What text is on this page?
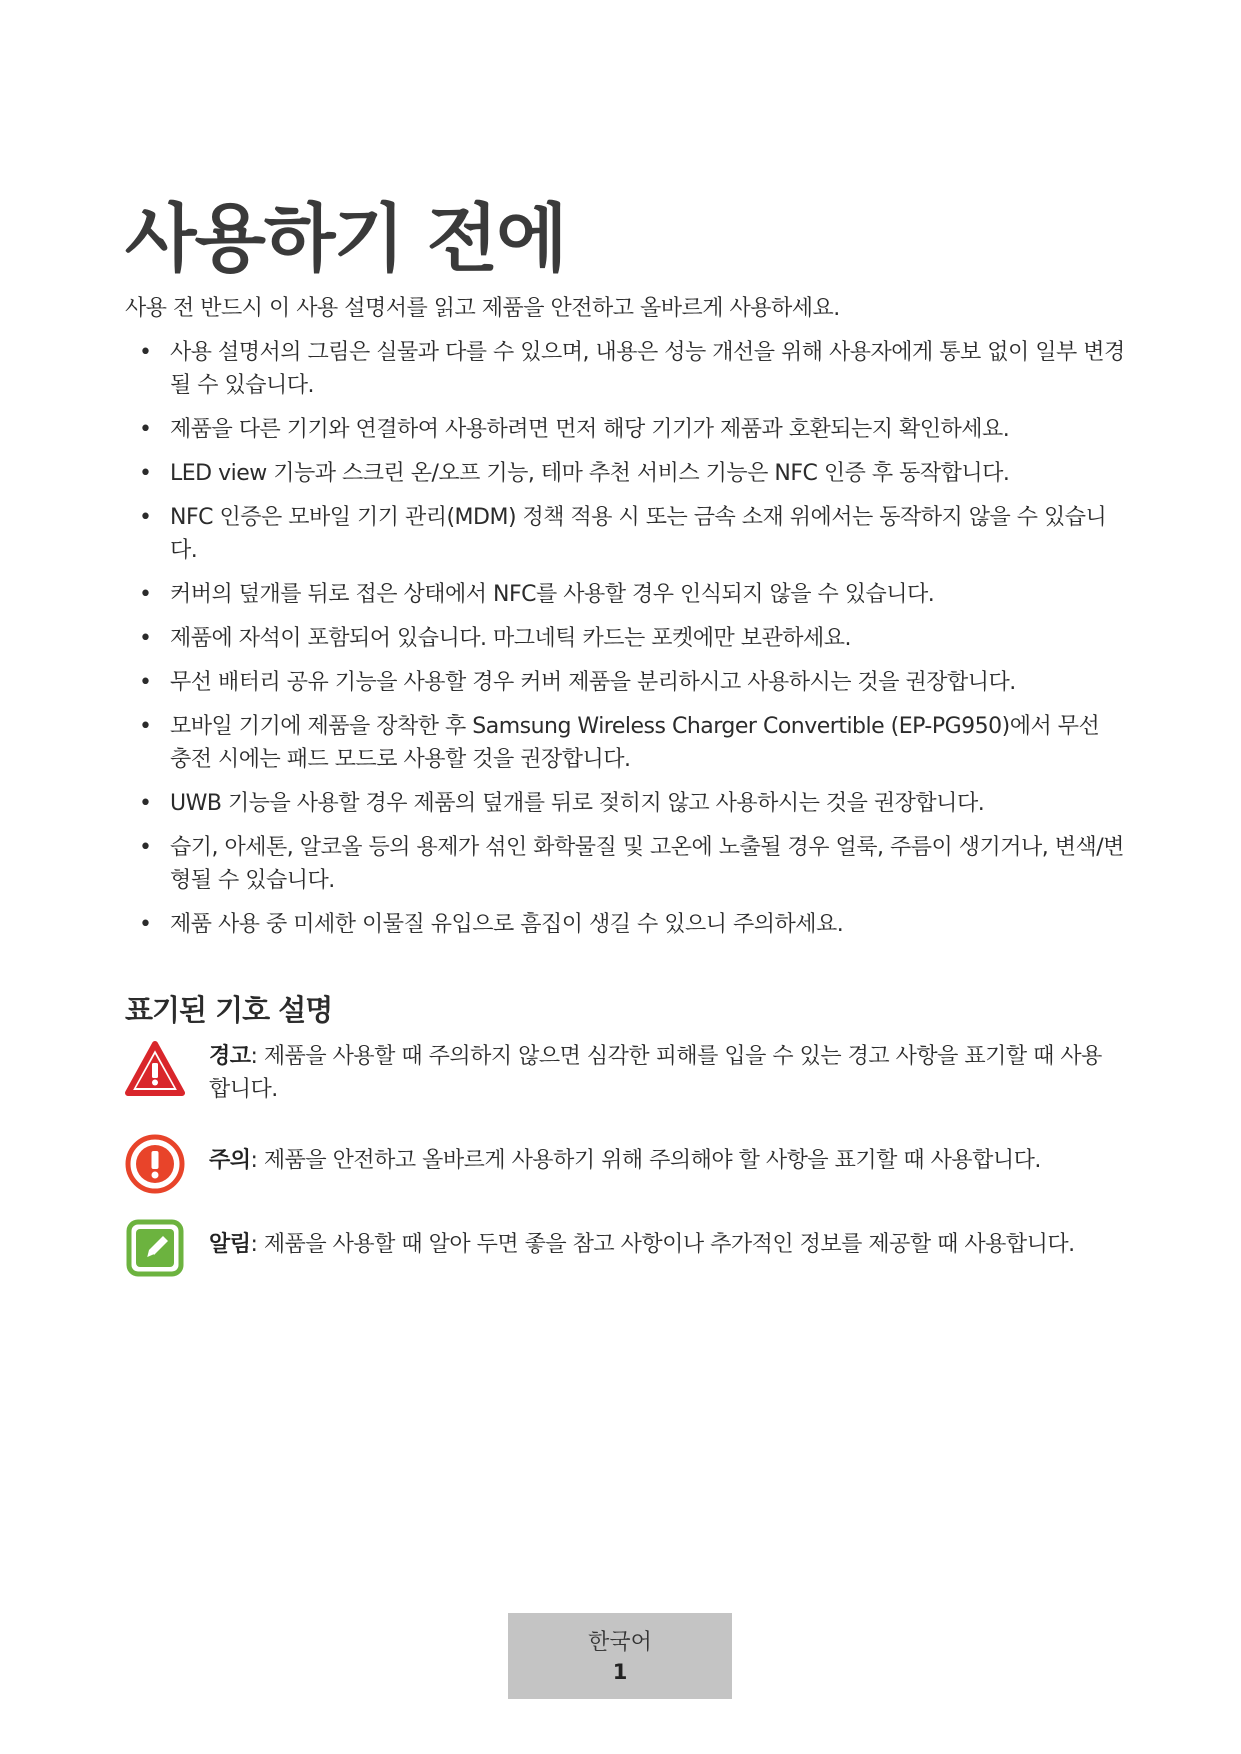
사용하기 전에
사용 전 반드시 이 사용 설명서를 읽고 제품을 안전하고 올바르게 사용하세요.
• 사용 설명서의 그림은 실물과 다를 수 있으며, 내용은 성능 개선을 위해 사용자에게 통보 없이 일부 변경될 수 있습니다.
• 제품을 다른 기기와 연결하여 사용하려면 먼저 해당 기기가 제품과 호환되는지 확인하세요.
• LED view 기능과 스크린 온/오프 기능, 테마 추천 서비스 기능은 NFC 인증 후 동작합니다.
• NFC 인증은 모바일 기기 관리(MDM) 정책 적용 시 또는 금속 소재 위에서는 동작하지 않을 수 있습니다.
• 커버의 덮개를 뒤로 접은 상태에서 NFC를 사용할 경우 인식되지 않을 수 있습니다.
• 제품에 자석이 포함되어 있습니다. 마그네틱 카드는 포켓에만 보관하세요.
• 무선 배터리 공유 기능을 사용할 경우 커버 제품을 분리하시고 사용하시는 것을 권장합니다.
• 모바일 기기에 제품을 장착한 후 Samsung Wireless Charger Convertible (EP-PG950)에서 무선 충전 시에는 패드 모드로 사용할 것을 권장합니다.
• UWB 기능을 사용할 경우 제품의 덮개를 뒤로 젖히지 않고 사용하시는 것을 권장합니다.
• 습기, 아세톤, 알코올 등의 용제가 섞인 화학물질 및 고온에 노출될 경우 얼룩, 주름이 생기거나, 변색/변형될 수 있습니다.
• 제품 사용 중 미세한 이물질 유입으로 흠집이 생길 수 있으니 주의하세요.
표기된 기호 설명
경고: 제품을 사용할 때 주의하지 않으면 심각한 피해를 입을 수 있는 경고 사항을 표기할 때 사용합니다.
주의: 제품을 안전하고 올바르게 사용하기 위해 주의해야 할 사항을 표기할 때 사용합니다.
알림: 제품을 사용할 때 알아 두면 좋을 참고 사항이나 추가적인 정보를 제공할 때 사용합니다.
한국어
1
